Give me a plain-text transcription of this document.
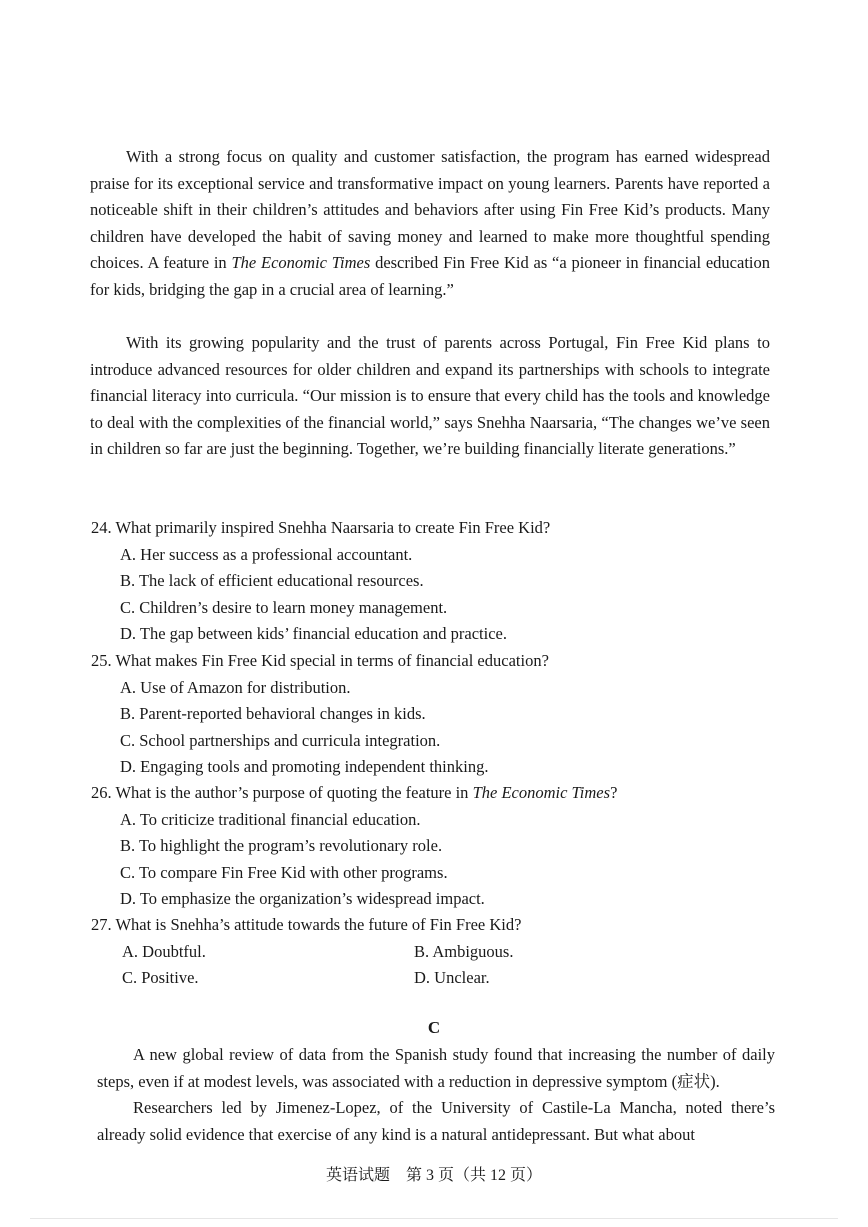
With a strong focus on quality and customer satisfaction, the program has earned widespread praise for its exceptional service and transformative impact on young learners. Parents have reported a noticeable shift in their children’s attitudes and behaviors after using Fin Free Kid’s products. Many children have developed the habit of saving money and learned to make more thoughtful spending choices. A feature in The Economic Times described Fin Free Kid as “a pioneer in financial education for kids, bridging the gap in a crucial area of learning.”

With its growing popularity and the trust of parents across Portugal, Fin Free Kid plans to introduce advanced resources for older children and expand its partnerships with schools to integrate financial literacy into curricula. “Our mission is to ensure that every child has the tools and knowledge to deal with the complexities of the financial world,” says Snehha Naarsaria, “The changes we’ve seen in children so far are just the beginning. Together, we’re building financially literate generations.”

24. What primarily inspired Snehha Naarsaria to create Fin Free Kid?
A. Her success as a professional accountant.
B. The lack of efficient educational resources.
C. Children’s desire to learn money management.
D. The gap between kids’ financial education and practice.
25. What makes Fin Free Kid special in terms of financial education?
A. Use of Amazon for distribution.
B. Parent-reported behavioral changes in kids.
C. School partnerships and curricula integration.
D. Engaging tools and promoting independent thinking.
26. What is the author’s purpose of quoting the feature in The Economic Times?
A. To criticize traditional financial education.
B. To highlight the program’s revolutionary role.
C. To compare Fin Free Kid with other programs.
D. To emphasize the organization’s widespread impact.
27. What is Snehha’s attitude towards the future of Fin Free Kid?
A. Doubtful.	B. Ambiguous.
C. Positive.	D. Unclear.
C
A new global review of data from the Spanish study found that increasing the number of daily steps, even if at modest levels, was associated with a reduction in depressive symptom (症状).
Researchers led by Jimenez-Lopez, of the University of Castile-La Mancha, noted there’s already solid evidence that exercise of any kind is a natural antidepressant. But what about
英语试题　第 3 页（共 12 页）
